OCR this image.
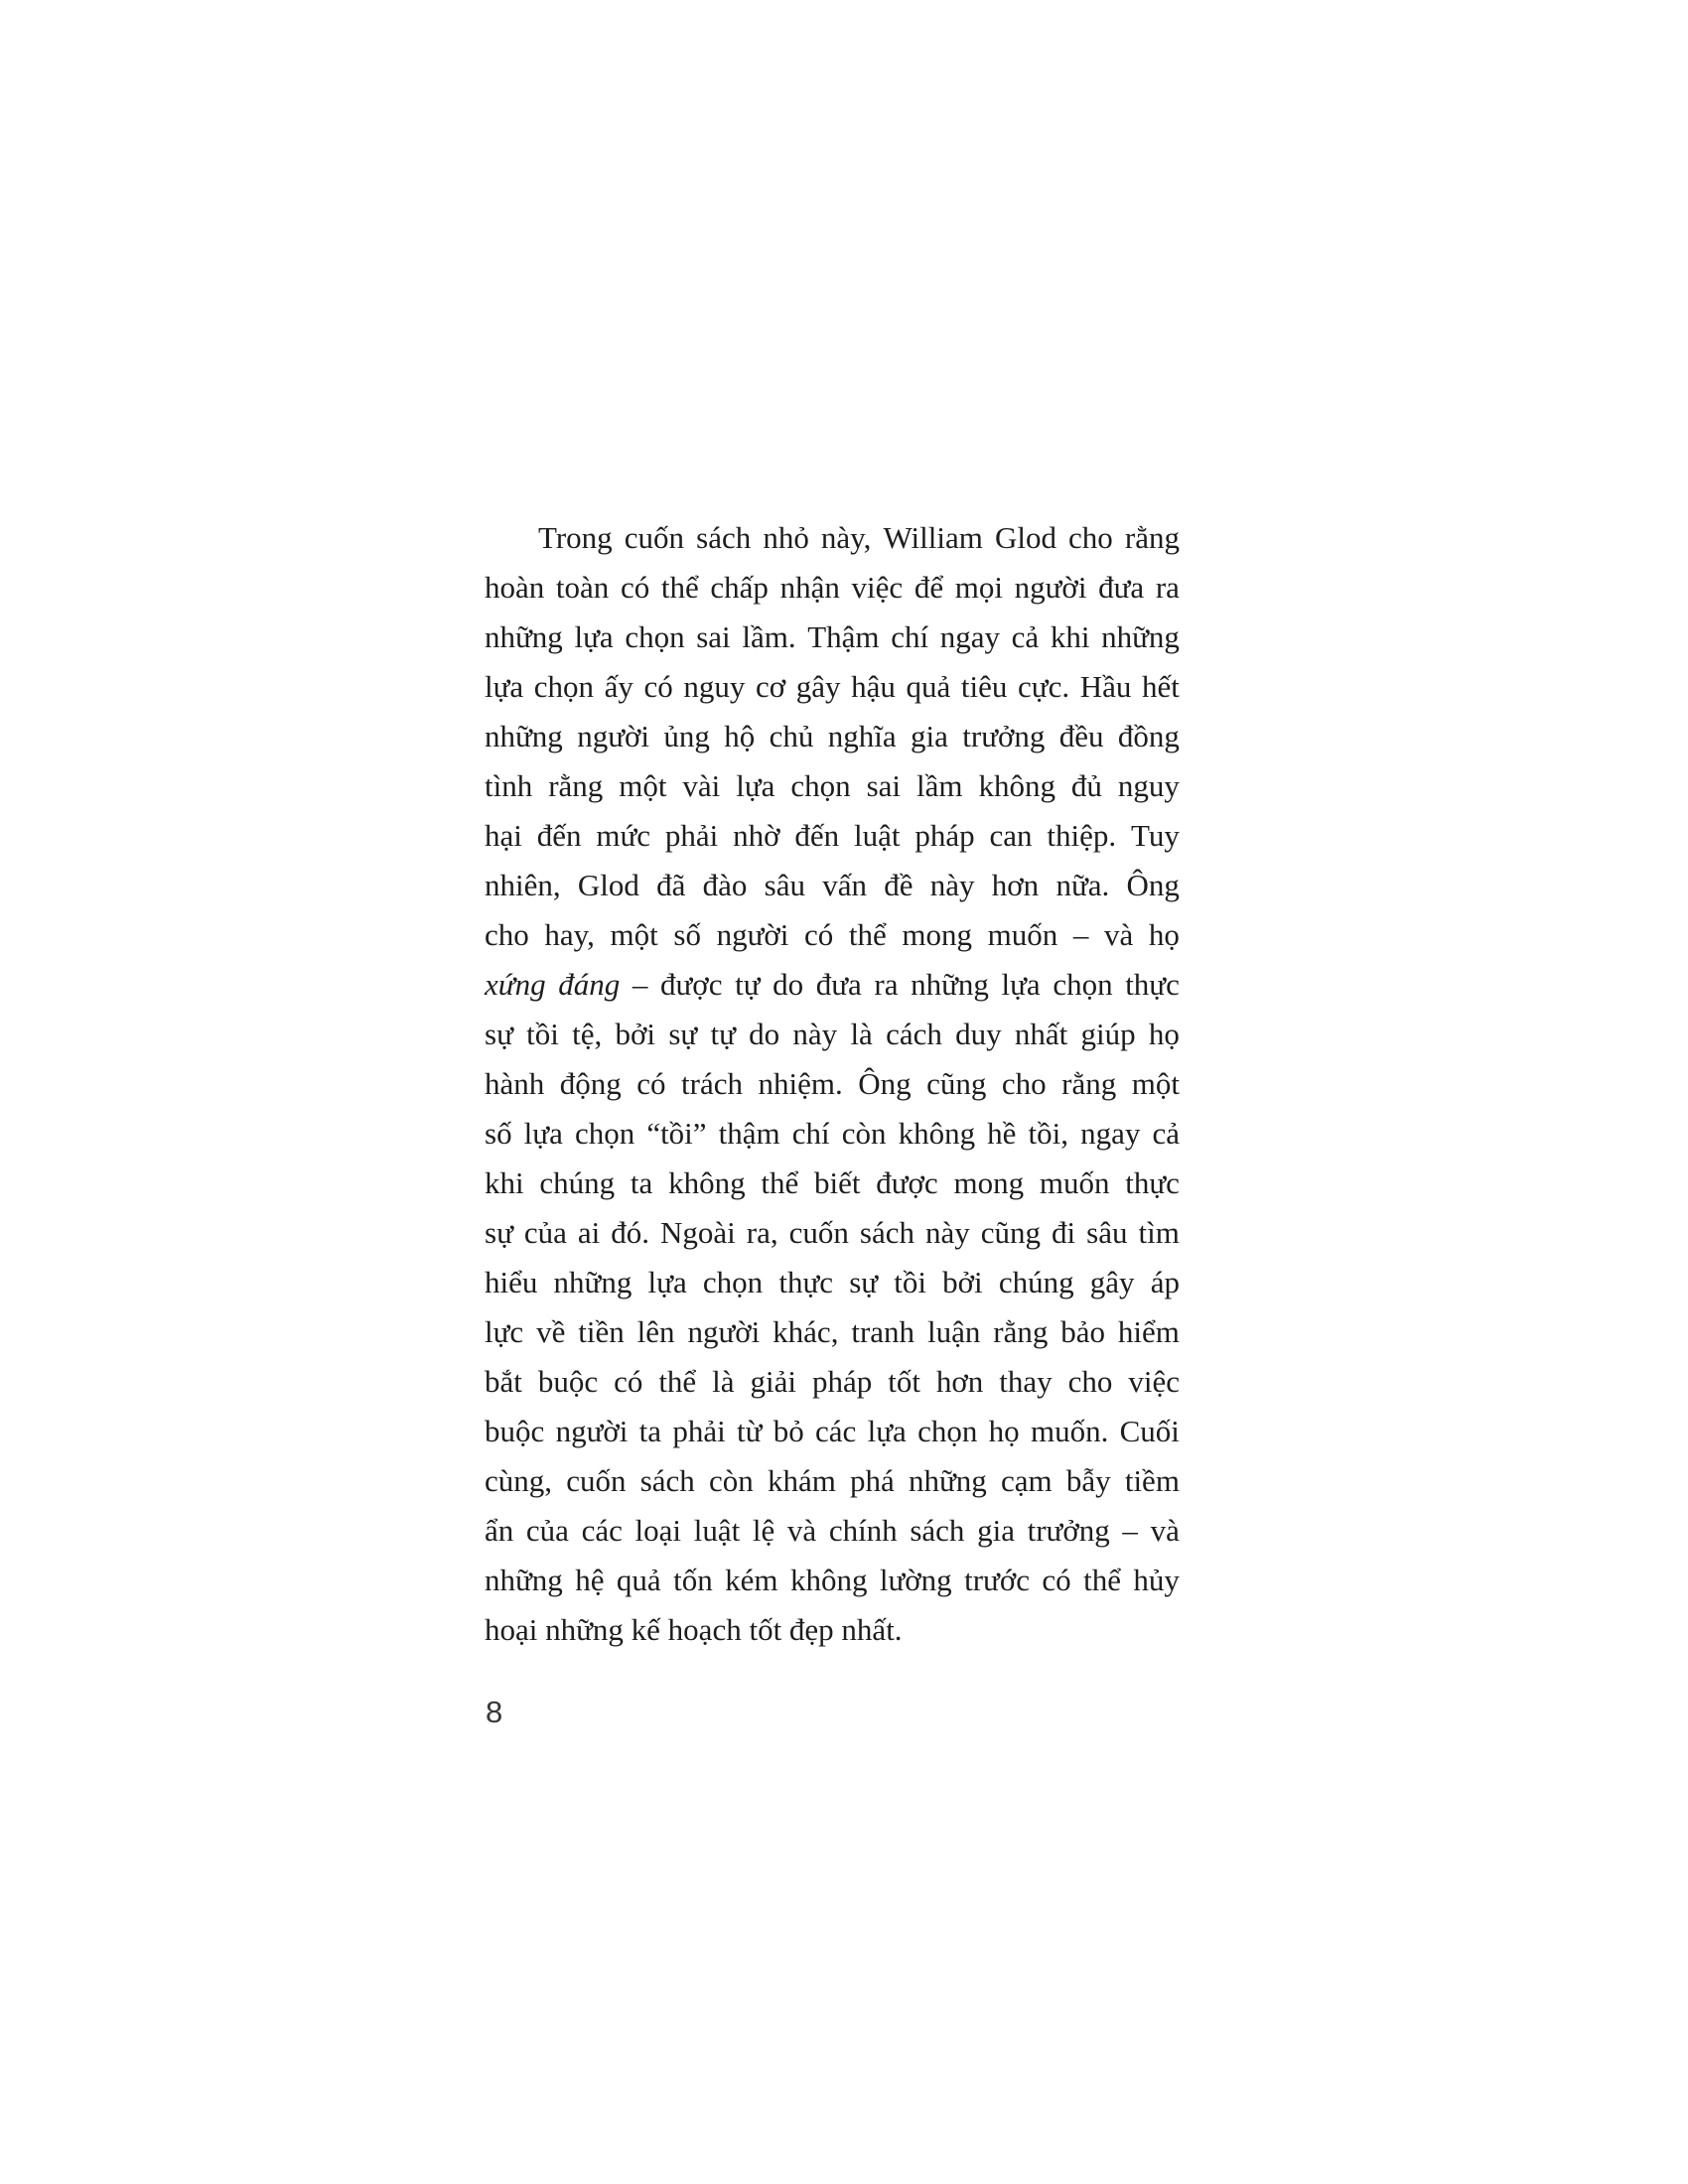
Trong cuốn sách nhỏ này, William Glod cho rằng
hoàn toàn có thể chấp nhận việc để mọi người đưa ra
những lựa chọn sai lầm. Thậm chí ngay cả khi những
lựa chọn ấy có nguy cơ gây hậu quả tiêu cực. Hầu hết
những người ủng hộ chủ nghĩa gia trưởng đều đồng
tình rằng một vài lựa chọn sai lầm không đủ nguy
hại đến mức phải nhờ đến luật pháp can thiệp. Tuy
nhiên, Glod đã đào sâu vấn đề này hơn nữa. Ông
cho hay, một số người có thể mong muốn – và họ
xứng đáng – được tự do đưa ra những lựa chọn thực
sự tồi tệ, bởi sự tự do này là cách duy nhất giúp họ
hành động có trách nhiệm. Ông cũng cho rằng một
số lựa chọn “tồi” thậm chí còn không hề tồi, ngay cả
khi chúng ta không thể biết được mong muốn thực
sự của ai đó. Ngoài ra, cuốn sách này cũng đi sâu tìm
hiểu những lựa chọn thực sự tồi bởi chúng gây áp
lực về tiền lên người khác, tranh luận rằng bảo hiểm
bắt buộc có thể là giải pháp tốt hơn thay cho việc
buộc người ta phải từ bỏ các lựa chọn họ muốn. Cuối
cùng, cuốn sách còn khám phá những cạm bẫy tiềm
ẩn của các loại luật lệ và chính sách gia trưởng – và
những hệ quả tốn kém không lường trước có thể hủy
hoại những kế hoạch tốt đẹp nhất.
8
